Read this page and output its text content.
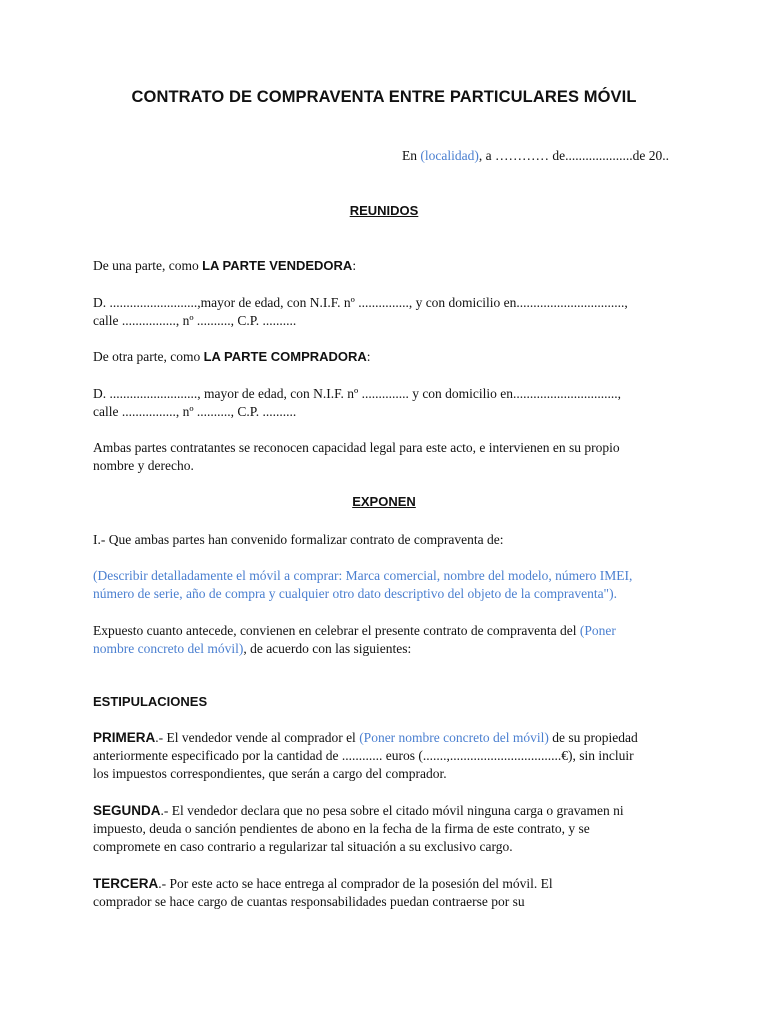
CONTRATO DE COMPRAVENTA ENTRE PARTICULARES MÓVIL
En (localidad), a ………… de....................de 20..
REUNIDOS

De una parte, como LA PARTE VENDEDORA:

D. ..........................,mayor de edad, con N.I.F. nº ..............., y con domicilio en................................,
calle ................, nº .........., C.P. ..........

De otra parte, como LA PARTE COMPRADORA:

D. .........................., mayor de edad, con N.I.F. nº .............. y con domicilio en...............................,
calle ................, nº .........., C.P. ..........

Ambas partes contratantes se reconocen capacidad legal para este acto, e intervienen en su propio
nombre y derecho.

EXPONEN

I.- Que ambas partes han convenido formalizar contrato de compraventa de:

(Describir detalladamente el móvil a comprar: Marca comercial, nombre del modelo, número IMEI,
número de serie, año de compra y cualquier otro dato descriptivo del objeto de la compraventa").

Expuesto cuanto antecede, convienen en celebrar el presente contrato de compraventa del (Poner
nombre concreto del móvil), de acuerdo con las siguientes:

ESTIPULACIONES

PRIMERA.- El vendedor vende al comprador el (Poner nombre concreto del móvil) de su propiedad
anteriormente especificado por la cantidad de ............ euros (.......,.................................€), sin incluir
los impuestos correspondientes, que serán a cargo del comprador.

SEGUNDA.- El vendedor declara que no pesa sobre el citado móvil ninguna carga o gravamen ni
impuesto, deuda o sanción pendientes de abono en la fecha de la firma de este contrato, y se
compromete en caso contrario a regularizar tal situación a su exclusivo cargo.

TERCERA.- Por este acto se hace entrega al comprador de la posesión del móvil. El
comprador se hace cargo de cuantas responsabilidades puedan contraerse por su
